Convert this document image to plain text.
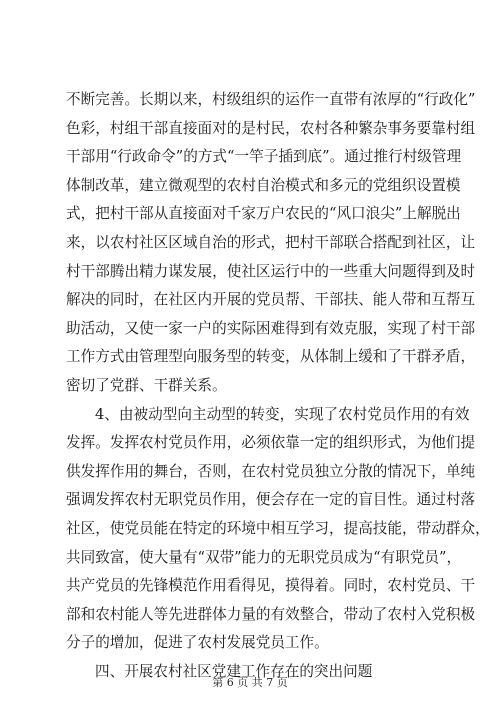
不 断 完 善 。 长 期 以 来 ， 村 级 组 织 的 运 作 一 直 带 有 浓 厚 的 “ 行 政 化 ”
色 彩 ， 村 组 干 部 直 接 面 对 的 是 村 民 ， 农 村 各 种 繁 杂 事 务 要 靠 村 组
干 部 用 “ 行 政 命 令 ” 的 方 式 “ 一 竿 子 插 到 底 ” 。 通 过 推 行 村 级 管 理
体 制 改 革 ， 建 立 微 观 型 的 农 村 自 治 模 式 和 多 元 的 党 组 织 设 置 模
式 ， 把 村 干 部 从 直 接 面 对 千 家 万 户 农 民 的 “ 风 口 浪 尖 ” 上 解 脱 出
来 ， 以 农 村 社 区 区 域 自 治 的 形 式 ， 把 村 干 部 联 合 搭 配 到 社 区 ， 让
村 干 部 腾 出 精 力 谋 发 展 ， 使 社 区 运 行 中 的 一 些 重 大 问 题 得 到 及 时
解 决 的 同 时 ， 在 社 区 内 开 展 的 党 员 帮 、 干 部 扶 、 能 人 带 和 互 帮 互
助 活 动 ， 又 使 一 家 一 户 的 实 际 困 难 得 到 有 效 克 服 ， 实 现 了 村 干 部
工 作 方 式 由 管 理 型 向 服 务 型 的 转 变 ， 从 体 制 上 缓 和 了 干 群 矛 盾 ，
密切了党群、干群关系。
4 、 由 被 动 型 向 主 动 型 的 转 变 ， 实 现 了 农 村 党 员 作 用 的 有 效
发 挥 。 发 挥 农 村 党 员 作 用 ， 必 须 依 靠 一 定 的 组 织 形 式 ， 为 他 们 提
供 发 挥 作 用 的 舞 台 ， 否 则 ， 在 农 村 党 员 独 立 分 散 的 情 况 下 ， 单 纯
强 调 发 挥 农 村 无 职 党 员 作 用 ， 便 会 存 在 一 定 的 盲 目 性 。 通 过 村 落
社 区 ， 使 党 员 能 在 特 定 的 环 境 中 相 互 学 习 ， 提 高 技 能 ， 带 动 群 众 ，
共 同 致 富 ， 使 大 量 有 “ 双 带 ” 能 力 的 无 职 党 员 成 为 “ 有 职 党 员 ” ，
共 产 党 员 的 先 锋 模 范 作 用 看 得 见 ， 摸 得 着 。 同 时 ， 农 村 党 员 、 干
部 和 农 村 能 人 等 先 进 群 体 力 量 的 有 效 整 合 ， 带 动 了 农 村 入 党 积 极
分子的增加，促进了农村发展党员工作。
四、开展农村社区党建工作存在的突出问题
第 6 页 共 7 页
